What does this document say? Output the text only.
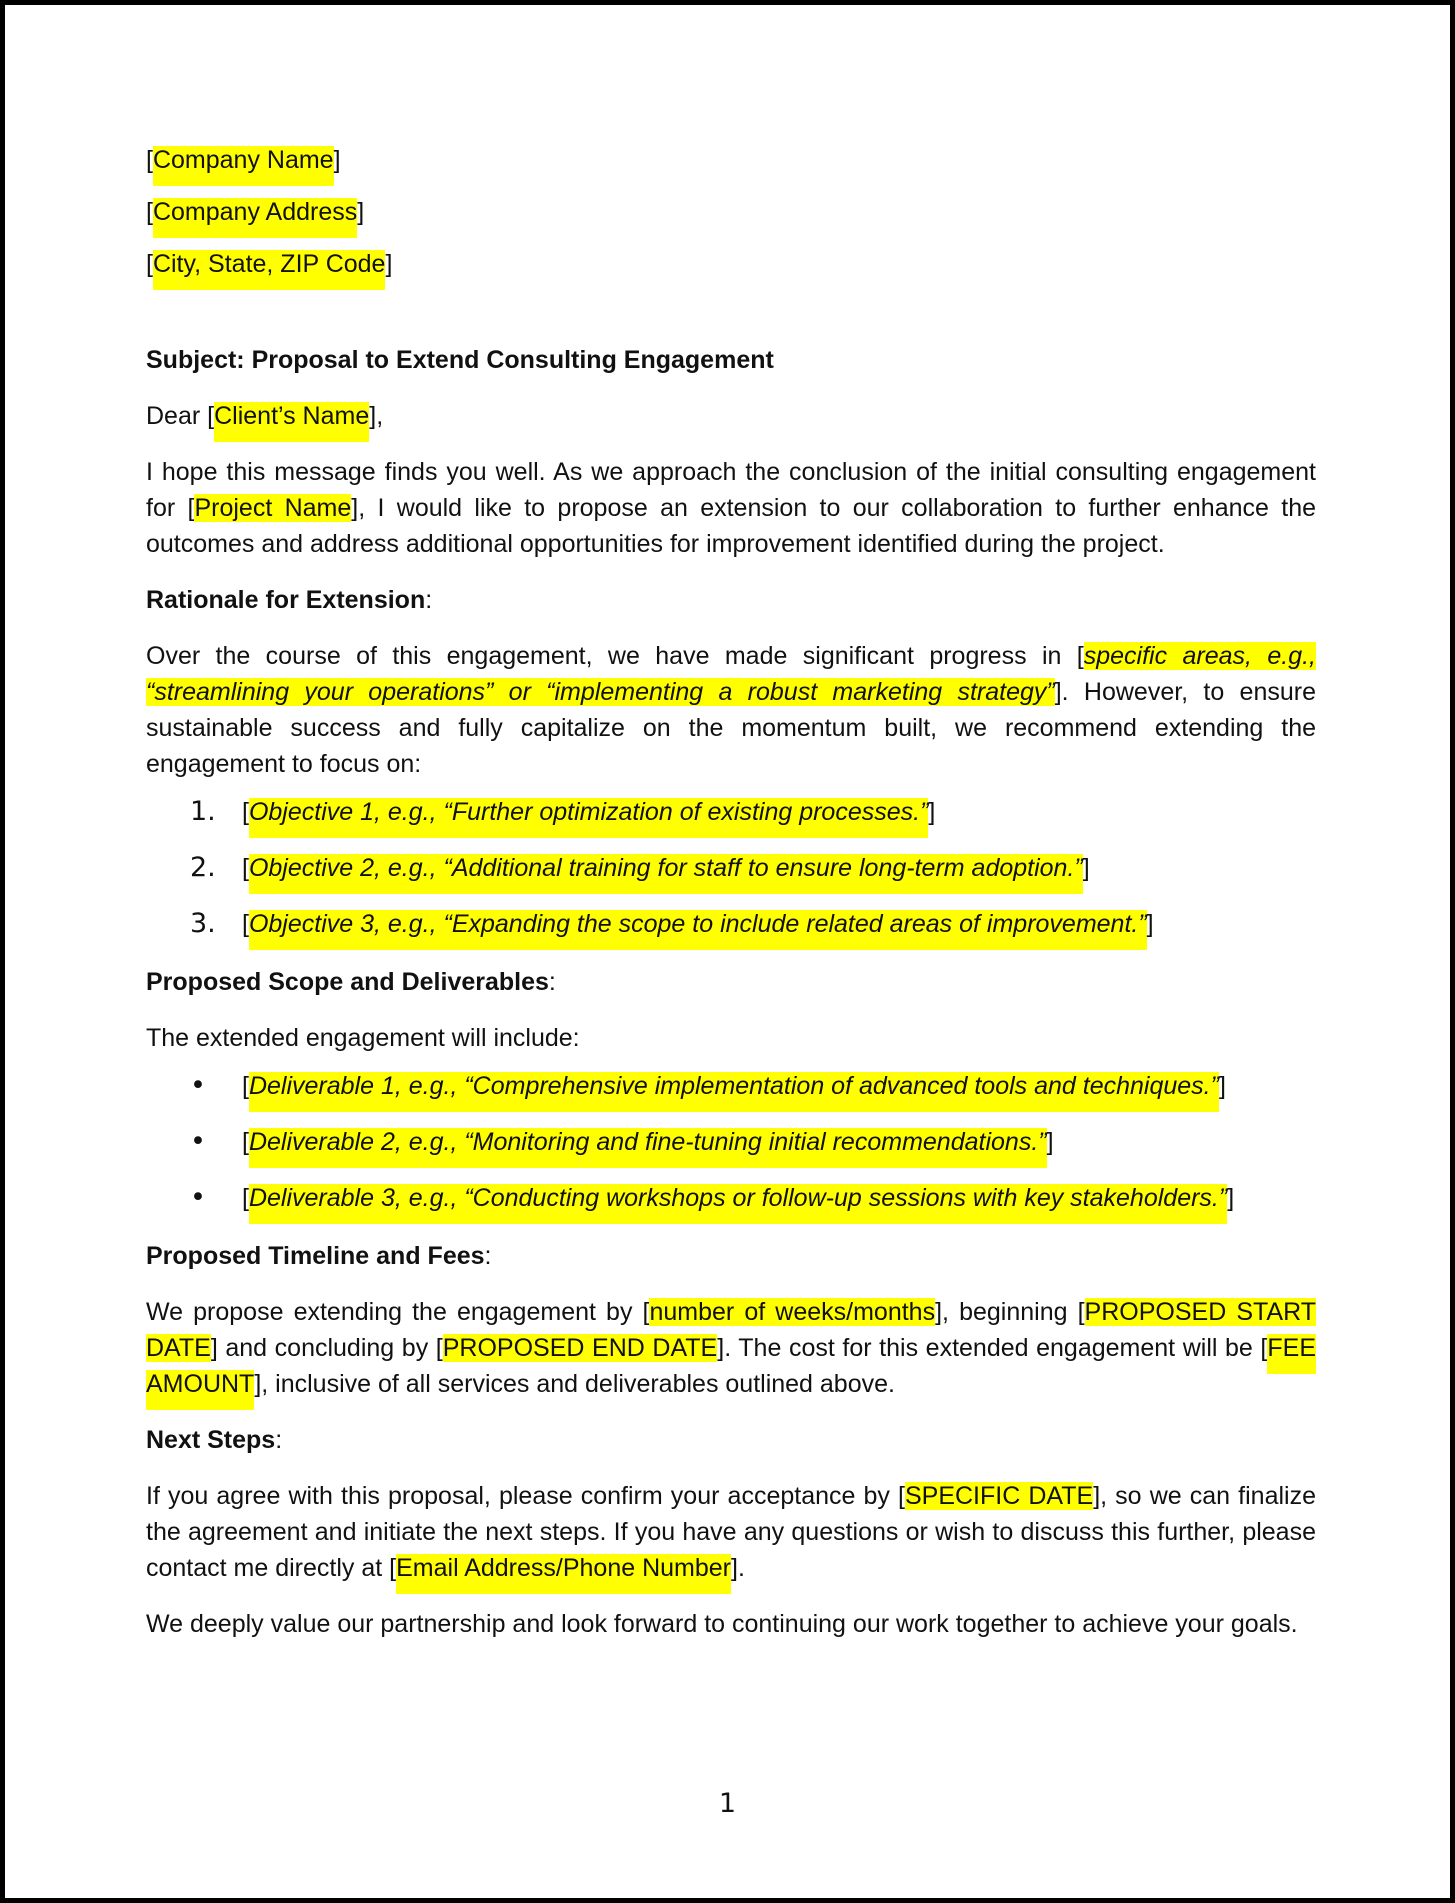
[Company Name]

[Company Address]

[City, State, ZIP Code]

Subject: Proposal to Extend Consulting Engagement

Dear [Client’s Name],

I hope this message finds you well. As we approach the conclusion of the initial consulting engagement for [Project Name], I would like to propose an extension to our collaboration to further enhance the outcomes and address additional opportunities for improvement identified during the project.

Rationale for Extension:

Over the course of this engagement, we have made significant progress in [specific areas, e.g., “streamlining your operations” or “implementing a robust marketing strategy”]. However, to ensure sustainable success and fully capitalize on the momentum built, we recommend extending the engagement to focus on:

1.	[Objective 1, e.g., “Further optimization of existing processes.”]
2.	[Objective 2, e.g., “Additional training for staff to ensure long-term adoption.”]
3.	[Objective 3, e.g., “Expanding the scope to include related areas of improvement.”]

Proposed Scope and Deliverables:

The extended engagement will include:

•	[Deliverable 1, e.g., “Comprehensive implementation of advanced tools and techniques.”]
•	[Deliverable 2, e.g., “Monitoring and fine-tuning initial recommendations.”]
•	[Deliverable 3, e.g., “Conducting workshops or follow-up sessions with key stakeholders.”]

Proposed Timeline and Fees:

We propose extending the engagement by [number of weeks/months], beginning [PROPOSED START DATE] and concluding by [PROPOSED END DATE]. The cost for this extended engagement will be [FEE AMOUNT], inclusive of all services and deliverables outlined above.

Next Steps:

If you agree with this proposal, please confirm your acceptance by [SPECIFIC DATE], so we can finalize the agreement and initiate the next steps. If you have any questions or wish to discuss this further, please contact me directly at [Email Address/Phone Number].

We deeply value our partnership and look forward to continuing our work together to achieve your goals.

1
